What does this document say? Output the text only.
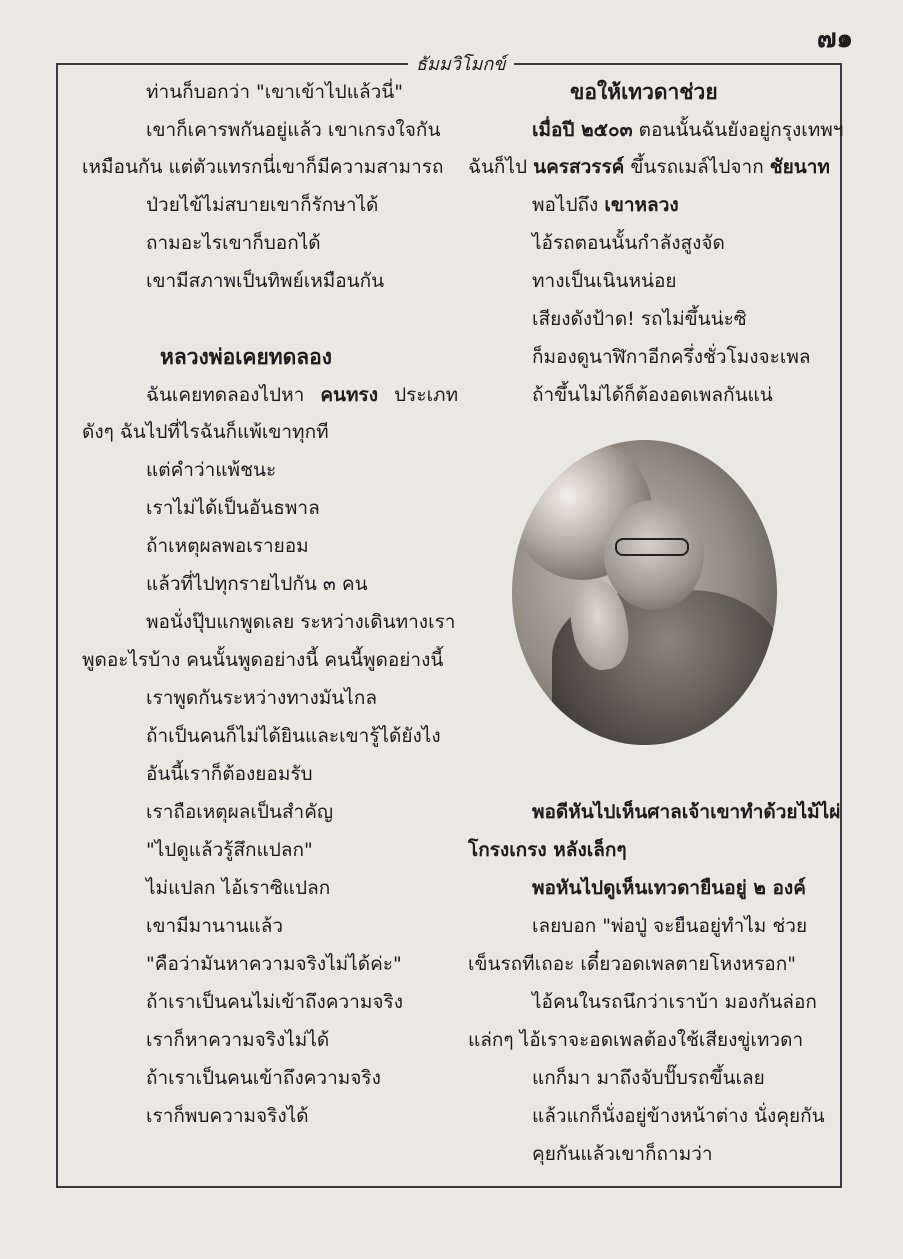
๗๑
ธัมมวิโมกข์
ท่านก็บอกว่า "เขาเข้าไปแล้วนี่"
เขาก็เคารพกันอยู่แล้ว เขาเกรงใจกัน
เหมือนกัน แต่ตัวแทรกนี่เขาก็มีความสามารถ
ป่วยไข้ไม่สบายเขาก็รักษาได้
ถามอะไรเขาก็บอกได้
เขามีสภาพเป็นทิพย์เหมือนกัน
หลวงพ่อเคยทดลอง
ฉันเคยทดลองไปหา คนทรง ประเภท
ดังๆ ฉันไปที่ไรฉันก็แพ้เขาทุกที
แต่คำว่าแพ้ชนะ
เราไม่ได้เป็นอันธพาล
ถ้าเหตุผลพอเรายอม
แล้วที่ไปทุกรายไปกัน ๓ คน
พอนั่งปุ๊บแกพูดเลย ระหว่างเดินทางเรา
พูดอะไรบ้าง คนนั้นพูดอย่างนี้ คนนี้พูดอย่างนี้
เราพูดกันระหว่างทางมันไกล
ถ้าเป็นคนก็ไม่ได้ยินและเขารู้ได้ยังไง
อันนี้เราก็ต้องยอมรับ
เราถือเหตุผลเป็นสำคัญ
"ไปดูแล้วรู้สึกแปลก"
ไม่แปลก ไอ้เราซิแปลก
เขามีมานานแล้ว
"คือว่ามันหาความจริงไม่ได้ค่ะ"
ถ้าเราเป็นคนไม่เข้าถึงความจริง
เราก็หาความจริงไม่ได้
ถ้าเราเป็นคนเข้าถึงความจริง
เราก็พบความจริงได้
ขอให้เทวดาช่วย
เมื่อปี ๒๕๐๓ ตอนนั้นฉันยังอยู่กรุงเทพฯ
ฉันก็ไป นครสวรรค์ ขึ้นรถเมล์ไปจาก ชัยนาท
พอไปถึง เขาหลวง
ไอ้รถตอนนั้นกำลังสูงจัด
ทางเป็นเนินหน่อย
เสียงดังป้าด! รถไม่ขึ้นน่ะซิ
ก็มองดูนาฬิกาอีกครึ่งชั่วโมงจะเพล
ถ้าขึ้นไม่ได้ก็ต้องอดเพลกันแน่
พอดีหันไปเห็นศาลเจ้าเขาทำด้วยไม้ไผ่
โกรงเกรง หลังเล็กๆ
พอหันไปดูเห็นเทวดายืนอยู่ ๒ องค์
เลยบอก "พ่อปู่ จะยืนอยู่ทำไม ช่วย
เข็นรถทีเถอะ เดี๋ยวอดเพลตายโหงหรอก"
ไอ้คนในรถนึกว่าเราบ้า มองกันล่อก
แล่กๆ ไอ้เราจะอดเพลต้องใช้เสียงขู่เทวดา
แกก็มา มาถึงจับปั๊บรถขึ้นเลย
แล้วแกก็นั่งอยู่ข้างหน้าต่าง นั่งคุยกัน
คุยกันแล้วเขาก็ถามว่า
